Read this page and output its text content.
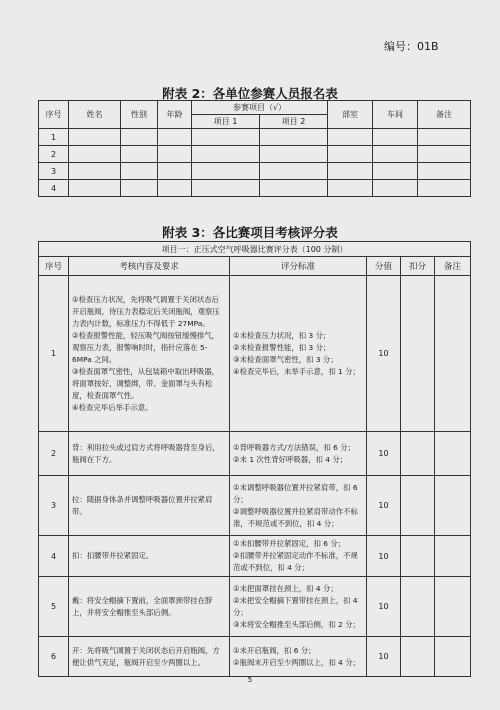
编号：01B
附表 2：各单位参赛人员报名表
序号	姓名	性别	年龄	参赛项目（√）		部室	车间	备注
				项目 1	项目 2			
1								
2								
3								
4								
附表 3：各比赛项目考核评分表
项目一：正压式空气呼吸器比赛评分表（100 分制）					
序号	考核内容及要求	评分标准	分值	扣分	备注
1	①检查压力状况，先将吸气调置于关闭状态后开启瓶阀，待压力表稳定后关闭瓶阀，观察压力表内计数，标准压力不得低于 27MPa。
②检查报警性能，轻压吸气阀按钮缓慢排气，观察压力表，报警响时时，指针应落在 5-6MPa 之间。
③检查面罩气密性，从包装箱中取出呼吸器，将面罩按好，调整绑，带、金面罩与头有松度，检查面罩气性。
④检查完毕后举手示意。	①未检查压力状况，扣 3 分；
②未检查报警性能，扣 3 分；
③未检查面罩气密性，扣 3 分；
④检查完毕后，未举手示意，扣 1 分；	10		
2	背：利用拉头或过肩方式将呼吸器背至身后，瓶阀在下方。	①背呼吸器方式/方法错误，扣 6 分；
②未 1 次性背好呼吸器，扣 4 分；	10		
3	拉：随据身体条并调整呼吸器位置并拉紧肩带。	①未调整呼吸器位置并拉紧肩带，扣 6 分；
②调整呼吸器位置并拉紧肩带动作不标准，不规范或不到位，扣 4 分；	10		
4	扣：扣腰带并拉紧固定。	①未扣腰带并拉紧固定，扣 6 分；
②扣腰带并拉紧固定动作不标准，不规范或不到位，扣 4 分；	10		
5	戴：将安全帽摘下置前，全面罩颈带挂在脖上，并将安全帽推至头部后侧。	①未把面罩挂在颈上，扣 4 分；
②未把安全帽摘下置带挂在颈上，扣 4 分；
③未将安全帽推至头部后侧，扣 2 分；	10		
6	开：先将吸气调置于关闭状态后开启瓶阀，方便让供气充足，瓶阀开启至少两圈以上。	①未开启瓶阀，扣 6 分；
②瓶阀未开启至少两圈以上，扣 4 分；	10		
5
